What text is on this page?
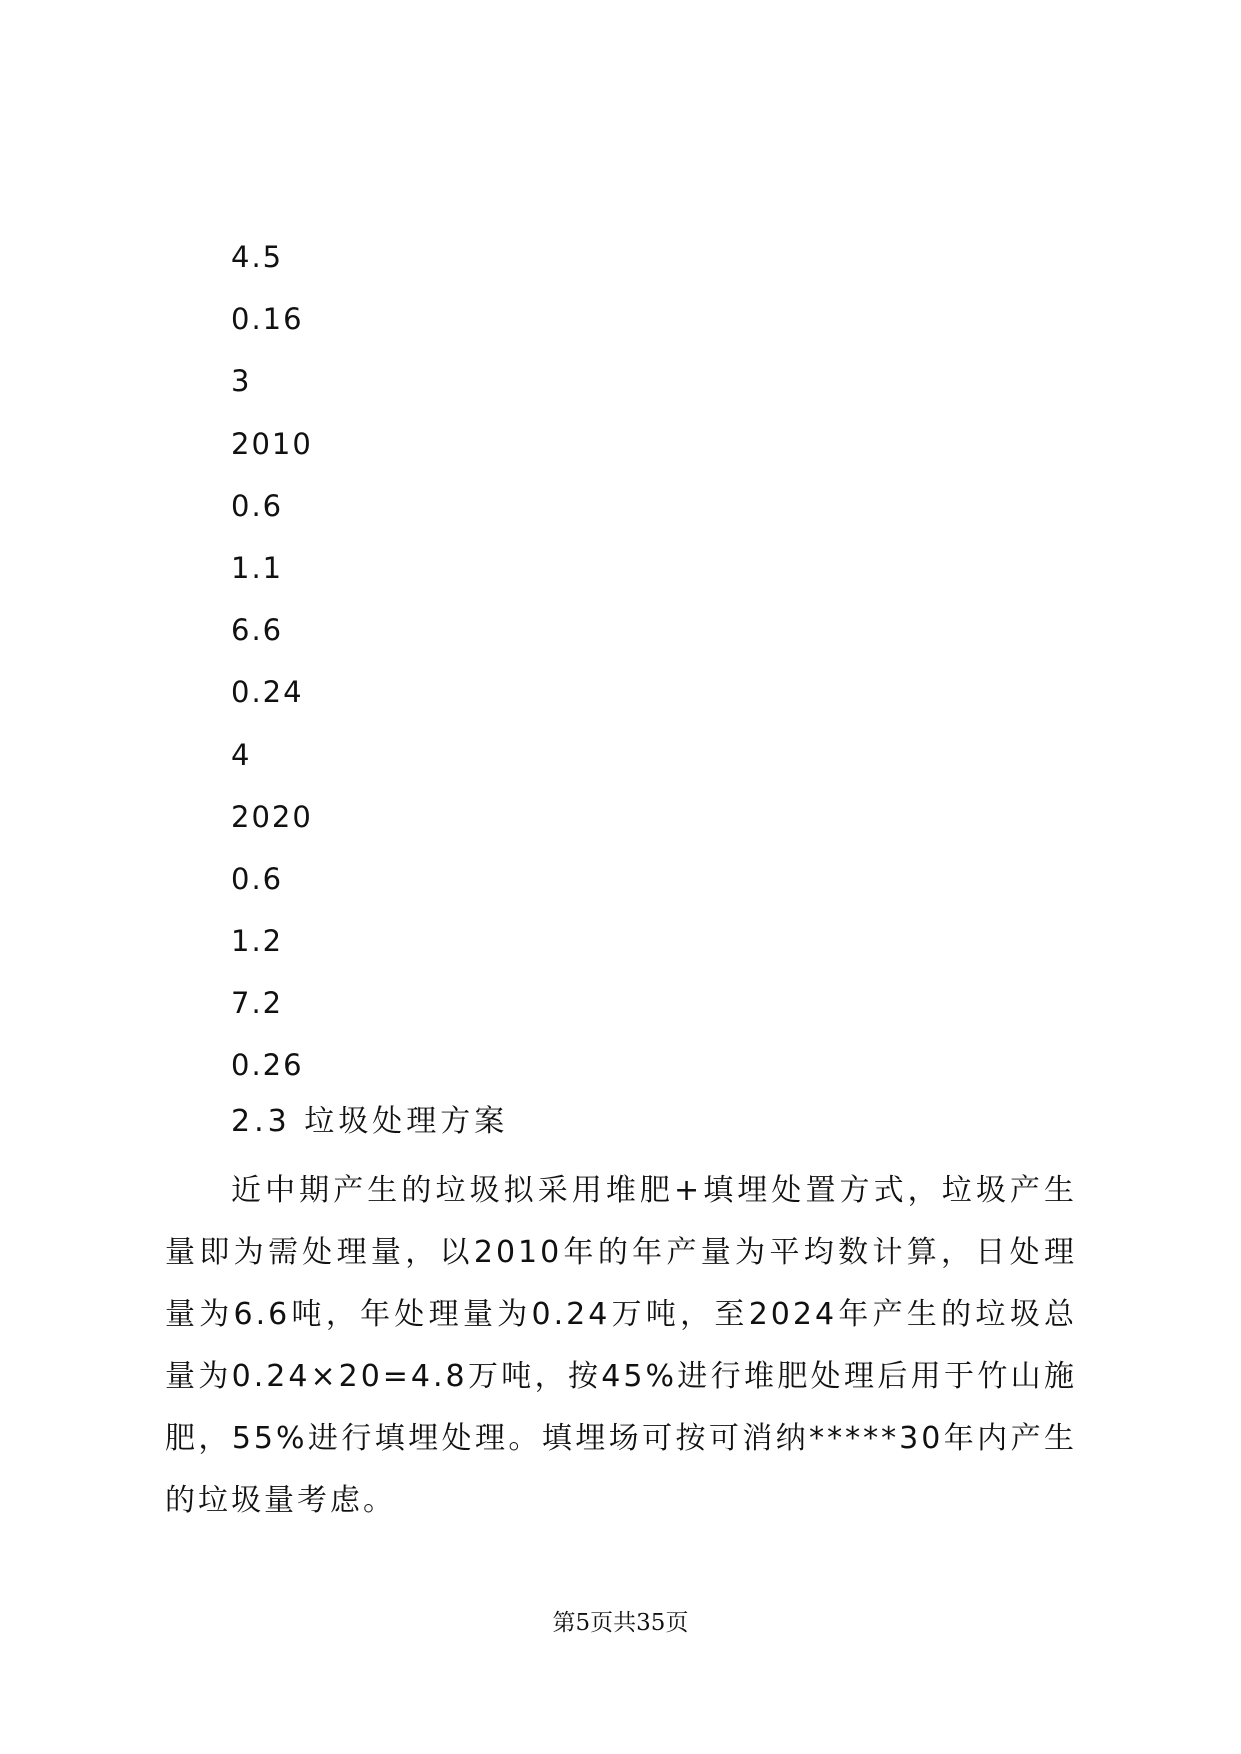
4.5
0.16
3
2010
0.6
1.1
6.6
0.24
4
2020
0.6
1.2
7.2
0.26
2.3 垃圾处理方案

近中期产生的垃圾拟采用堆肥+填埋处置方式，垃圾产生量即为需处理量，以2010年的年产量为平均数计算，日处理量为6.6吨，年处理量为0.24万吨，至2024年产生的垃圾总量为0.24×20=4.8万吨，按45%进行堆肥处理后用于竹山施肥，55%进行填埋处理。填埋场可按可消纳*****30年内产生的垃圾量考虑。

第5页共35页
